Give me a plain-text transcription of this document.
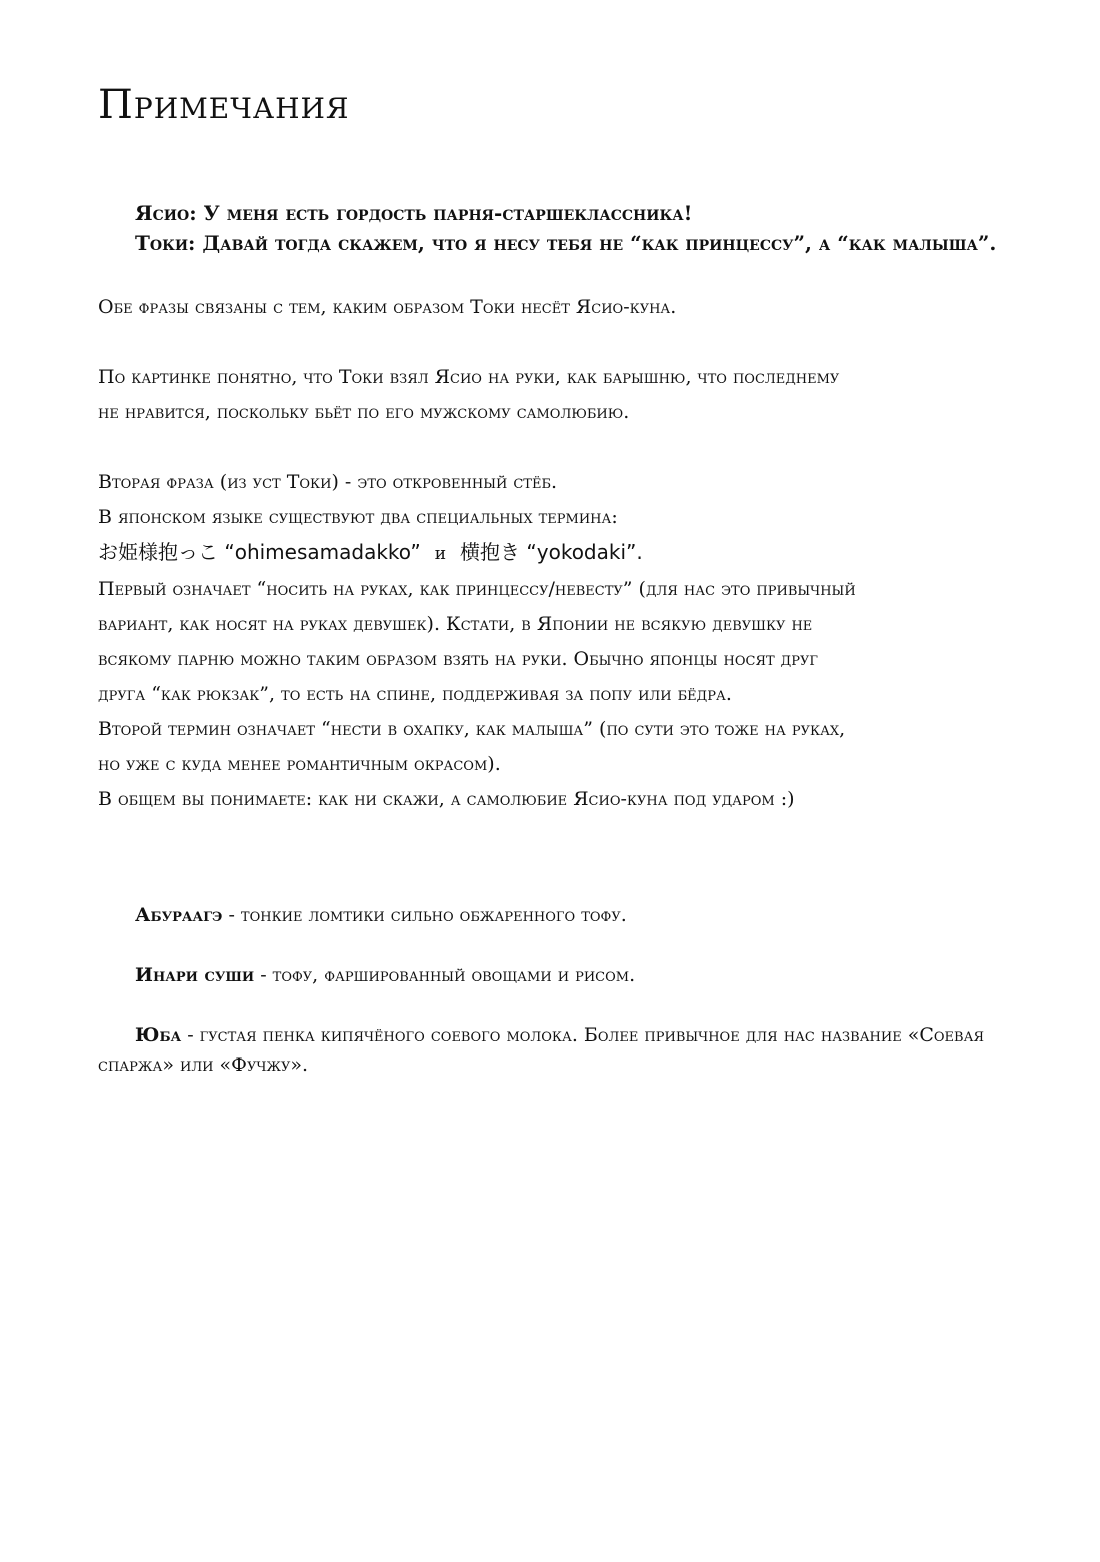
Примечания
Ясио: У меня есть гордость парня-старшеклассника!
Токи: Давай тогда скажем, что я несу тебя не “как принцессу”, а “как малыша”.

Обе фразы связаны с тем, каким образом Токи несёт Ясио-куна.

По картинке понятно, что Токи взял Ясио на руки, как барышню, что последнему
не нравится, поскольку бьёт по его мужскому самолюбию.
Вторая фраза (из уст Токи) - это откровенный стёб.
В японском языке существуют два специальных термина:
お姫様抱っこ “ohimesamadakko” и 横抱き “yokodaki”.
Первый означает “носить на руках, как принцессу/невесту” (для нас это привычный
вариант, как носят на руках девушек). Кстати, в Японии не всякую девушку не
всякому парню можно таким образом взять на руки. Обычно японцы носят друг
друга “как рюкзак”, то есть на спине, поддерживая за попу или бёдра.
Второй термин означает “нести в охапку, как малыша” (по сути это тоже на руках,
но уже с куда менее романтичным окрасом).
В общем вы понимаете: как ни скажи, а самолюбие Ясио-куна под ударом :)
Абураагэ - тонкие ломтики сильно обжаренного тофу.
Инари суши - тофу, фаршированный овощами и рисом.
Юба - густая пенка кипячёного соевого молока. Более привычное для нас название «Соевая спаржа» или «Фучжу».
